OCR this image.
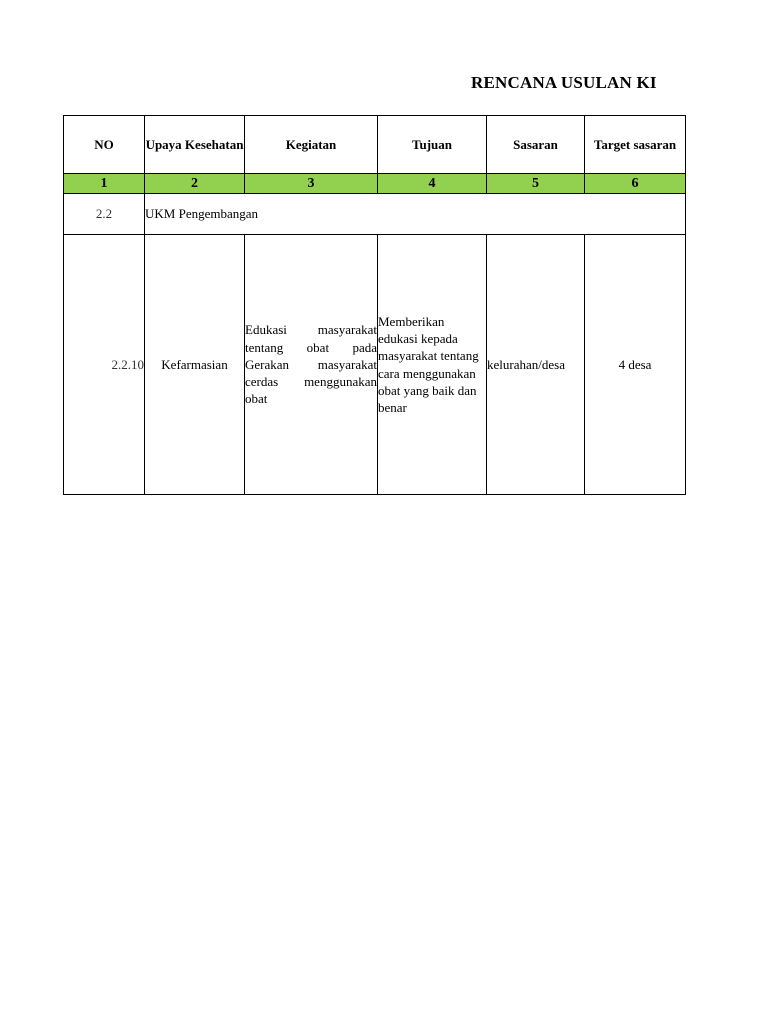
RENCANA USULAN KI
NO	Upaya Kesehatan	Kegiatan	Tujuan	Sasaran	Target sasaran
1	2	3	4	5	6
2.2	UKM Pengembangan				
2.2.10	Kefarmasian	Edukasi masyarakat tentang obat pada Gerakan masyarakat cerdas menggunakan obat	Memberikan edukasi kepada masyarakat tentang cara menggunakan obat yang baik dan benar	kelurahan/desa	4 desa
